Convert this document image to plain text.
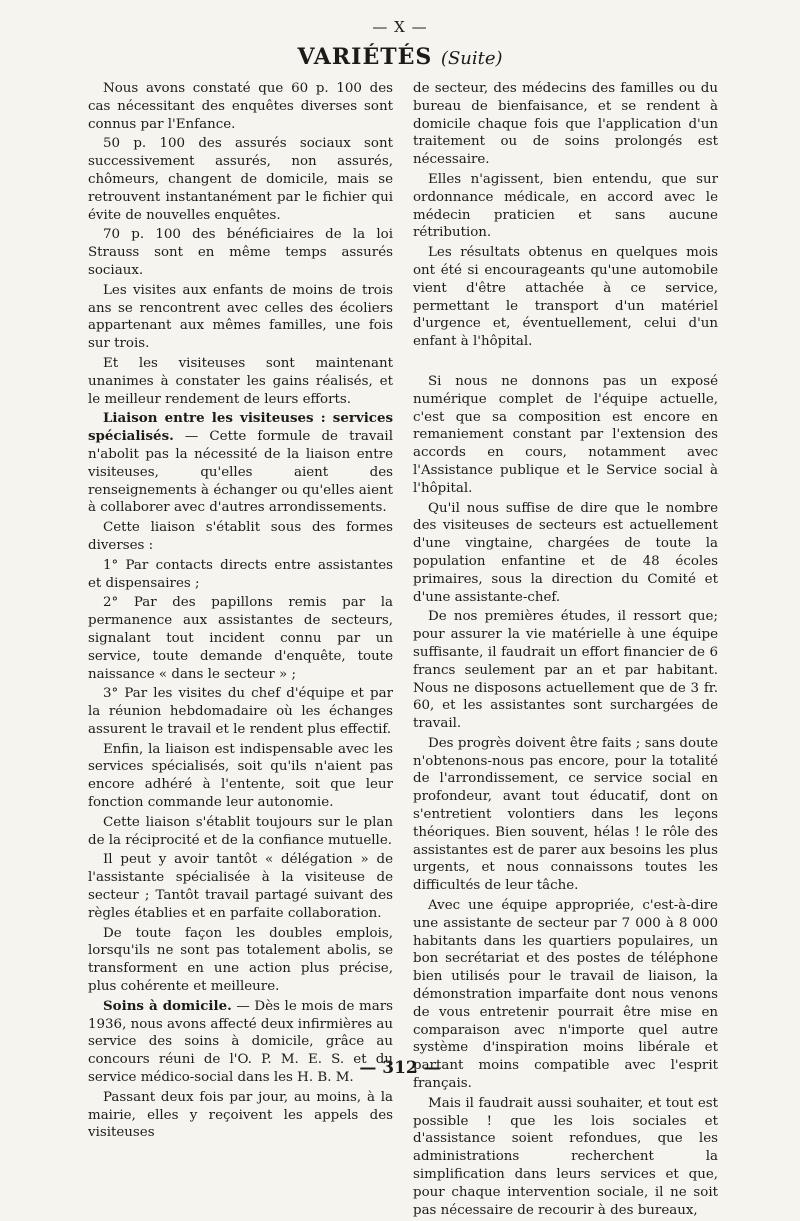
— X —
VARIÉTÉS (Suite)

Nous avons constaté que 60 p. 100 des cas nécessitant des enquêtes diverses sont connus par l'Enfance.

50 p. 100 des assurés sociaux sont successivement assurés, non assurés, chômeurs, changent de domicile, mais se retrouvent instantanément par le fichier qui évite de nouvelles enquêtes.

70 p. 100 des bénéficiaires de la loi Strauss sont en même temps assurés sociaux.

Les visites aux enfants de moins de trois ans se rencontrent avec celles des écoliers appartenant aux mêmes familles, une fois sur trois.

Et les visiteuses sont maintenant unanimes à constater les gains réalisés, et le meilleur rendement de leurs efforts.

Liaison entre les visiteuses : services spécialisés. — Cette formule de travail n'abolit pas la nécessité de la liaison entre visiteuses, qu'elles aient des renseignements à échanger ou qu'elles aient à collaborer avec d'autres arrondissements.

Cette liaison s'établit sous des formes diverses :

1° Par contacts directs entre assistantes et dispensaires ;

2° Par des papillons remis par la permanence aux assistantes de secteurs, signalant tout incident connu par un service, toute demande d'enquête, toute naissance « dans le secteur » ;

3° Par les visites du chef d'équipe et par la réunion hebdomadaire où les échanges assurent le travail et le rendent plus effectif.

Enfin, la liaison est indispensable avec les services spécialisés, soit qu'ils n'aient pas encore adhéré à l'entente, soit que leur fonction commande leur autonomie.

Cette liaison s'établit toujours sur le plan de la réciprocité et de la confiance mutuelle.

Il peut y avoir tantôt « délégation » de l'assistante spécialisée à la visiteuse de secteur ; Tantôt travail partagé suivant des règles établies et en parfaite collaboration.

De toute façon les doubles emplois, lorsqu'ils ne sont pas totalement abolis, se transforment en une action plus précise, plus cohérente et meilleure.

Soins à domicile. — Dès le mois de mars 1936, nous avons affecté deux infirmières au service des soins à domicile, grâce au concours réuni de l'O. P. M. E. S. et du service médico-social dans les H. B. M.

Passant deux fois par jour, au moins, à la mairie, elles y reçoivent les appels des visiteuses

de secteur, des médecins des familles ou du bureau de bienfaisance, et se rendent à domicile chaque fois que l'application d'un traitement ou de soins prolongés est nécessaire.

Elles n'agissent, bien entendu, que sur ordonnance médicale, en accord avec le médecin praticien et sans aucune rétribution.

Les résultats obtenus en quelques mois ont été si encourageants qu'une automobile vient d'être attachée à ce service, permettant le transport d'un matériel d'urgence et, éventuellement, celui d'un enfant à l'hôpital.

Si nous ne donnons pas un exposé numérique complet de l'équipe actuelle, c'est que sa composition est encore en remaniement constant par l'extension des accords en cours, notamment avec l'Assistance publique et le Service social à l'hôpital.

Qu'il nous suffise de dire que le nombre des visiteuses de secteurs est actuellement d'une vingtaine, chargées de toute la population enfantine et de 48 écoles primaires, sous la direction du Comité et d'une assistante-chef.

De nos premières études, il ressort que; pour assurer la vie matérielle à une équipe suffisante, il faudrait un effort financier de 6 francs seulement par an et par habitant. Nous ne disposons actuellement que de 3 fr. 60, et les assistantes sont surchargées de travail.

Des progrès doivent être faits ; sans doute n'obtenons-nous pas encore, pour la totalité de l'arrondissement, ce service social en profondeur, avant tout éducatif, dont on s'entretient volontiers dans les leçons théoriques. Bien souvent, hélas ! le rôle des assistantes est de parer aux besoins les plus urgents, et nous connaissons toutes les difficultés de leur tâche.

Avec une équipe appropriée, c'est-à-dire une assistante de secteur par 7 000 à 8 000 habitants dans les quartiers populaires, un bon secrétariat et des postes de téléphone bien utilisés pour le travail de liaison, la démonstration imparfaite dont nous venons de vous entretenir pourrait être mise en comparaison avec n'importe quel autre système d'inspiration moins libérale et partant moins compatible avec l'esprit français.

Mais il faudrait aussi souhaiter, et tout est possible ! que les lois sociales et d'assistance soient refondues, que les administrations recherchent la simplification dans leurs services et que, pour chaque intervention sociale, il ne soit pas nécessaire de recourir à des bureaux,

— 312 —
